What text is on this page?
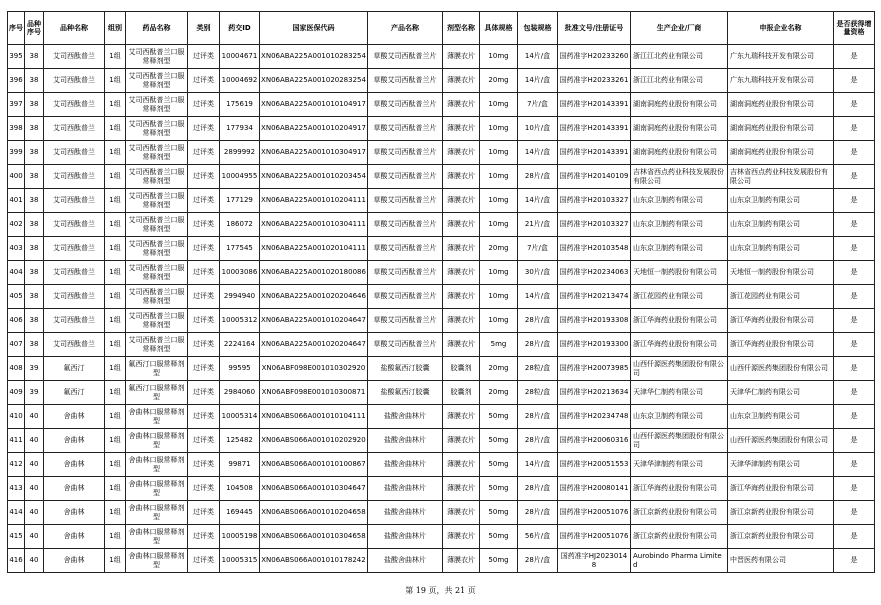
序号	品种序号	品种名称	组别	药品名称	类别	药交ID	国家医保代码	产品名称	剂型名称	具体规格	包装规格	批准文号/注册证号	生产企业/厂商	申报企业名称	是否获得增量资格
395	38	艾司西酞普兰	1组	艾司西酞普兰口服常释剂型	过评类	10004671	XN06ABA225A001010283254	草酸艾司西酞普兰片	薄膜衣片	10mg	14片/盒	国药准字H20233260	浙江江北药业有限公司	广东九瑞科技开发有限公司	是
396	38	艾司西酞普兰	1组	艾司西酞普兰口服常释剂型	过评类	10004692	XN06ABA225A001020283254	草酸艾司西酞普兰片	薄膜衣片	20mg	14片/盒	国药准字H20233261	浙江江北药业有限公司	广东九瑞科技开发有限公司	是
397	38	艾司西酞普兰	1组	艾司西酞普兰口服常释剂型	过评类	175619	XN06ABA225A001010104917	草酸艾司西酞普兰片	薄膜衣片	10mg	7片/盒	国药准字H20143391	湖南洞庭药业股份有限公司	湖南洞庭药业股份有限公司	是
398	38	艾司西酞普兰	1组	艾司西酞普兰口服常释剂型	过评类	177934	XN06ABA225A001010204917	草酸艾司西酞普兰片	薄膜衣片	10mg	10片/盒	国药准字H20143391	湖南洞庭药业股份有限公司	湖南洞庭药业股份有限公司	是
399	38	艾司西酞普兰	1组	艾司西酞普兰口服常释剂型	过评类	2899992	XN06ABA225A001010304917	草酸艾司西酞普兰片	薄膜衣片	10mg	14片/盒	国药准字H20143391	湖南洞庭药业股份有限公司	湖南洞庭药业股份有限公司	是
400	38	艾司西酞普兰	1组	艾司西酞普兰口服常释剂型	过评类	10004955	XN06ABA225A001010203454	草酸艾司西酞普兰片	薄膜衣片	10mg	28片/盒	国药准字H20140109	吉林省西点药业科技发展股份有限公司	吉林省西点药业科技发展股份有限公司	是
401	38	艾司西酞普兰	1组	艾司西酞普兰口服常释剂型	过评类	177129	XN06ABA225A001010204111	草酸艾司西酞普兰片	薄膜衣片	10mg	14片/盒	国药准字H20103327	山东京卫制药有限公司	山东京卫制药有限公司	是
402	38	艾司西酞普兰	1组	艾司西酞普兰口服常释剂型	过评类	186072	XN06ABA225A001010304111	草酸艾司西酞普兰片	薄膜衣片	10mg	21片/盒	国药准字H20103327	山东京卫制药有限公司	山东京卫制药有限公司	是
403	38	艾司西酞普兰	1组	艾司西酞普兰口服常释剂型	过评类	177545	XN06ABA225A001020104111	草酸艾司西酞普兰片	薄膜衣片	20mg	7片/盒	国药准字H20103548	山东京卫制药有限公司	山东京卫制药有限公司	是
404	38	艾司西酞普兰	1组	艾司西酞普兰口服常释剂型	过评类	10003086	XN06ABA225A001020180086	草酸艾司西酞普兰片	薄膜衣片	10mg	30片/盒	国药准字H20234063	天地恒一制药股份有限公司	天地恒一制药股份有限公司	是
405	38	艾司西酞普兰	1组	艾司西酞普兰口服常释剂型	过评类	2994940	XN06ABA225A001020204646	草酸艾司西酞普兰片	薄膜衣片	10mg	14片/盒	国药准字H20213474	浙江花园药业有限公司	浙江花园药业有限公司	是
406	38	艾司西酞普兰	1组	艾司西酞普兰口服常释剂型	过评类	10005312	XN06ABA225A001010204647	草酸艾司西酞普兰片	薄膜衣片	10mg	28片/盒	国药准字H20193308	浙江华海药业股份有限公司	浙江华海药业股份有限公司	是
407	38	艾司西酞普兰	1组	艾司西酞普兰口服常释剂型	过评类	2224164	XN06ABA225A001020204647	草酸艾司西酞普兰片	薄膜衣片	5mg	28片/盒	国药准字H20193300	浙江华海药业股份有限公司	浙江华海药业股份有限公司	是
408	39	氟西汀	1组	氟西汀口服常释剂型	过评类	99595	XN06ABF098E001010302920	盐酸氟西汀胶囊	胶囊剂	20mg	28粒/盒	国药准字H20073985	山西仟源医药集团股份有限公司	山西仟源医药集团股份有限公司	是
409	39	氟西汀	1组	氟西汀口服常释剂型	过评类	2984060	XN06ABF098E001010300871	盐酸氟西汀胶囊	胶囊剂	20mg	28粒/盒	国药准字H20213634	天津华仁制药有限公司	天津华仁制药有限公司	是
410	40	舍曲林	1组	舍曲林口服常释剂型	过评类	10005314	XN06ABS066A001010104111	盐酸舍曲林片	薄膜衣片	50mg	28片/盒	国药准字H20234748	山东京卫制药有限公司	山东京卫制药有限公司	是
411	40	舍曲林	1组	舍曲林口服常释剂型	过评类	125482	XN06ABS066A001010202920	盐酸舍曲林片	薄膜衣片	50mg	28片/盒	国药准字H20060316	山西仟源医药集团股份有限公司	山西仟源医药集团股份有限公司	是
412	40	舍曲林	1组	舍曲林口服常释剂型	过评类	99871	XN06ABS066A001010100867	盐酸舍曲林片	薄膜衣片	50mg	14片/盒	国药准字H20051553	天津华津制药有限公司	天津华津制药有限公司	是
413	40	舍曲林	1组	舍曲林口服常释剂型	过评类	104508	XN06ABS066A001010304647	盐酸舍曲林片	薄膜衣片	50mg	28片/盒	国药准字H20080141	浙江华海药业股份有限公司	浙江华海药业股份有限公司	是
414	40	舍曲林	1组	舍曲林口服常释剂型	过评类	169445	XN06ABS066A001010204658	盐酸舍曲林片	薄膜衣片	50mg	28片/盒	国药准字H20051076	浙江京新药业股份有限公司	浙江京新药业股份有限公司	是
415	40	舍曲林	1组	舍曲林口服常释剂型	过评类	10005198	XN06ABS066A001010304658	盐酸舍曲林片	薄膜衣片	50mg	56片/盒	国药准字H20051076	浙江京新药业股份有限公司	浙江京新药业股份有限公司	是
416	40	舍曲林	1组	舍曲林口服常释剂型	过评类	10005315	XN06ABS066A001010178242	盐酸舍曲林片	薄膜衣片	50mg	28片/盒	国药准字HJ20230148	Aurobindo Pharma Limited	中晋医药有限公司	是
第 19 页，共 21 页
